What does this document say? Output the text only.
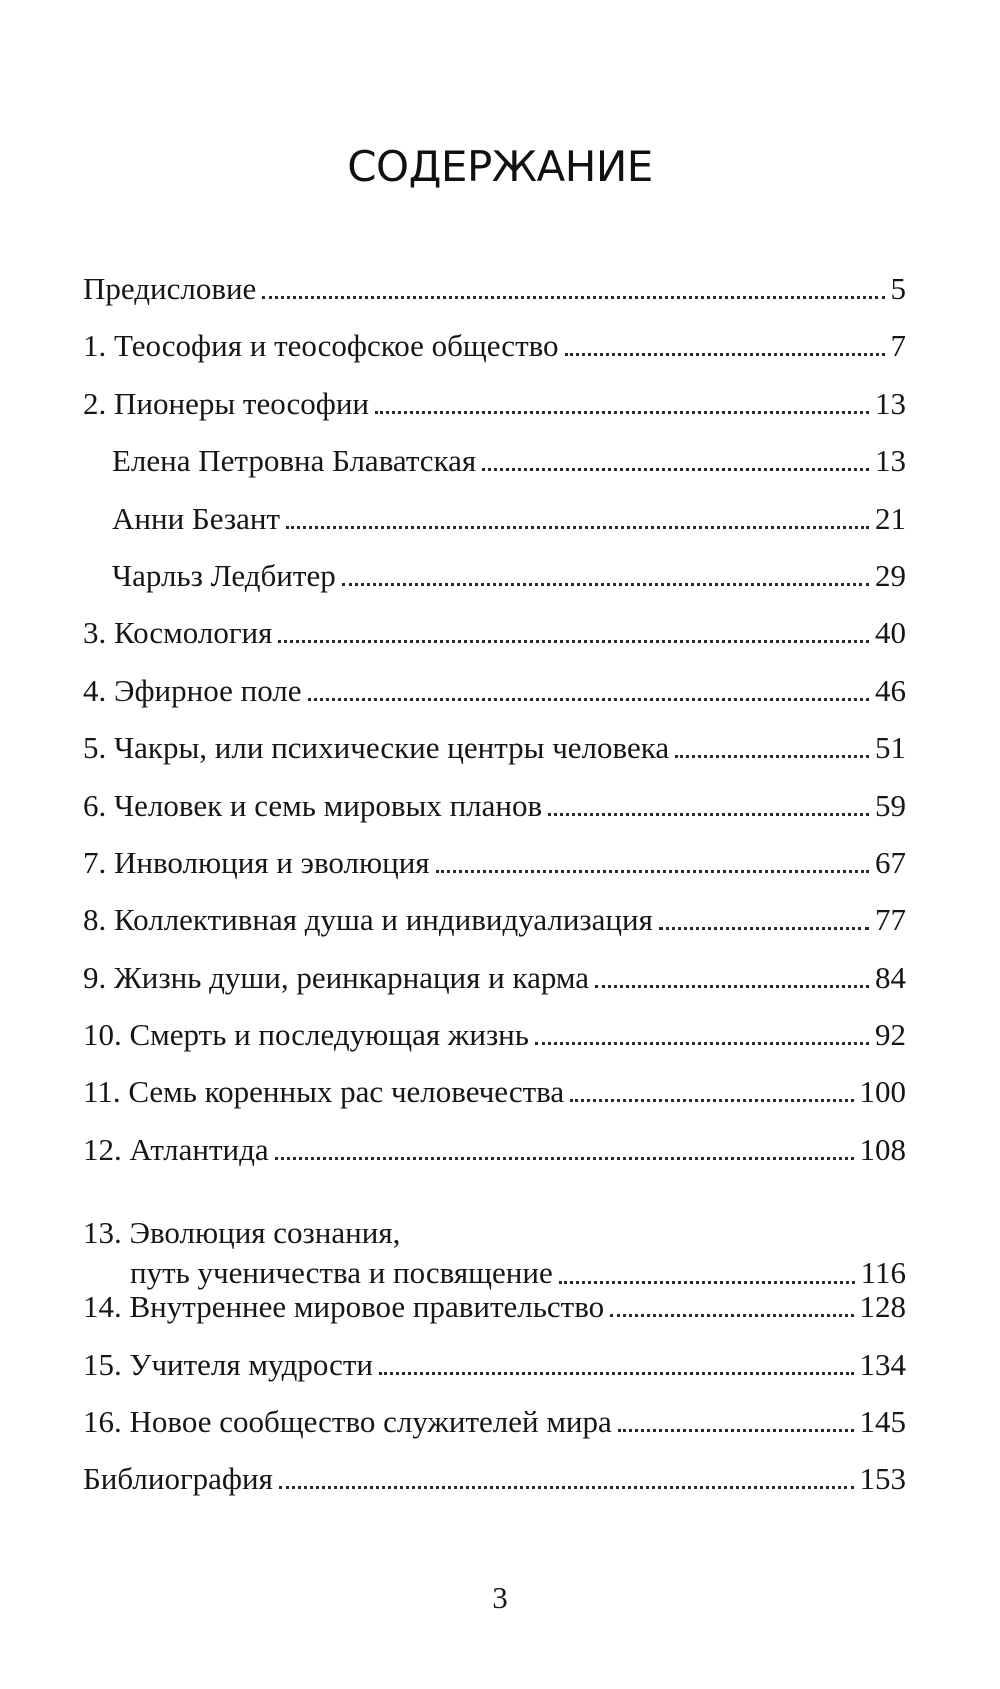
СОДЕРЖАНИЕ
Предисловие	5
1. Теософия и теософское общество	7
2. Пионеры теософии	13
Елена Петровна Блаватская	13
Анни Безант	21
Чарльз Ледбитер	29
3. Космология	40
4. Эфирное поле	46
5. Чакры, или психические центры человека	51
6. Человек и семь мировых планов	59
7. Инволюция и эволюция	67
8. Коллективная душа и индивидуализация	77
9. Жизнь души, реинкарнация и карма	84
10. Смерть и последующая жизнь	92
11. Семь коренных рас человечества	100
12. Атлантида	108
13. Эволюция сознания,
путь ученичества и посвящение	116
14. Внутреннее мировое правительство	128
15. Учителя мудрости	134
16. Новое сообщество служителей мира	145
Библиография	153
3
